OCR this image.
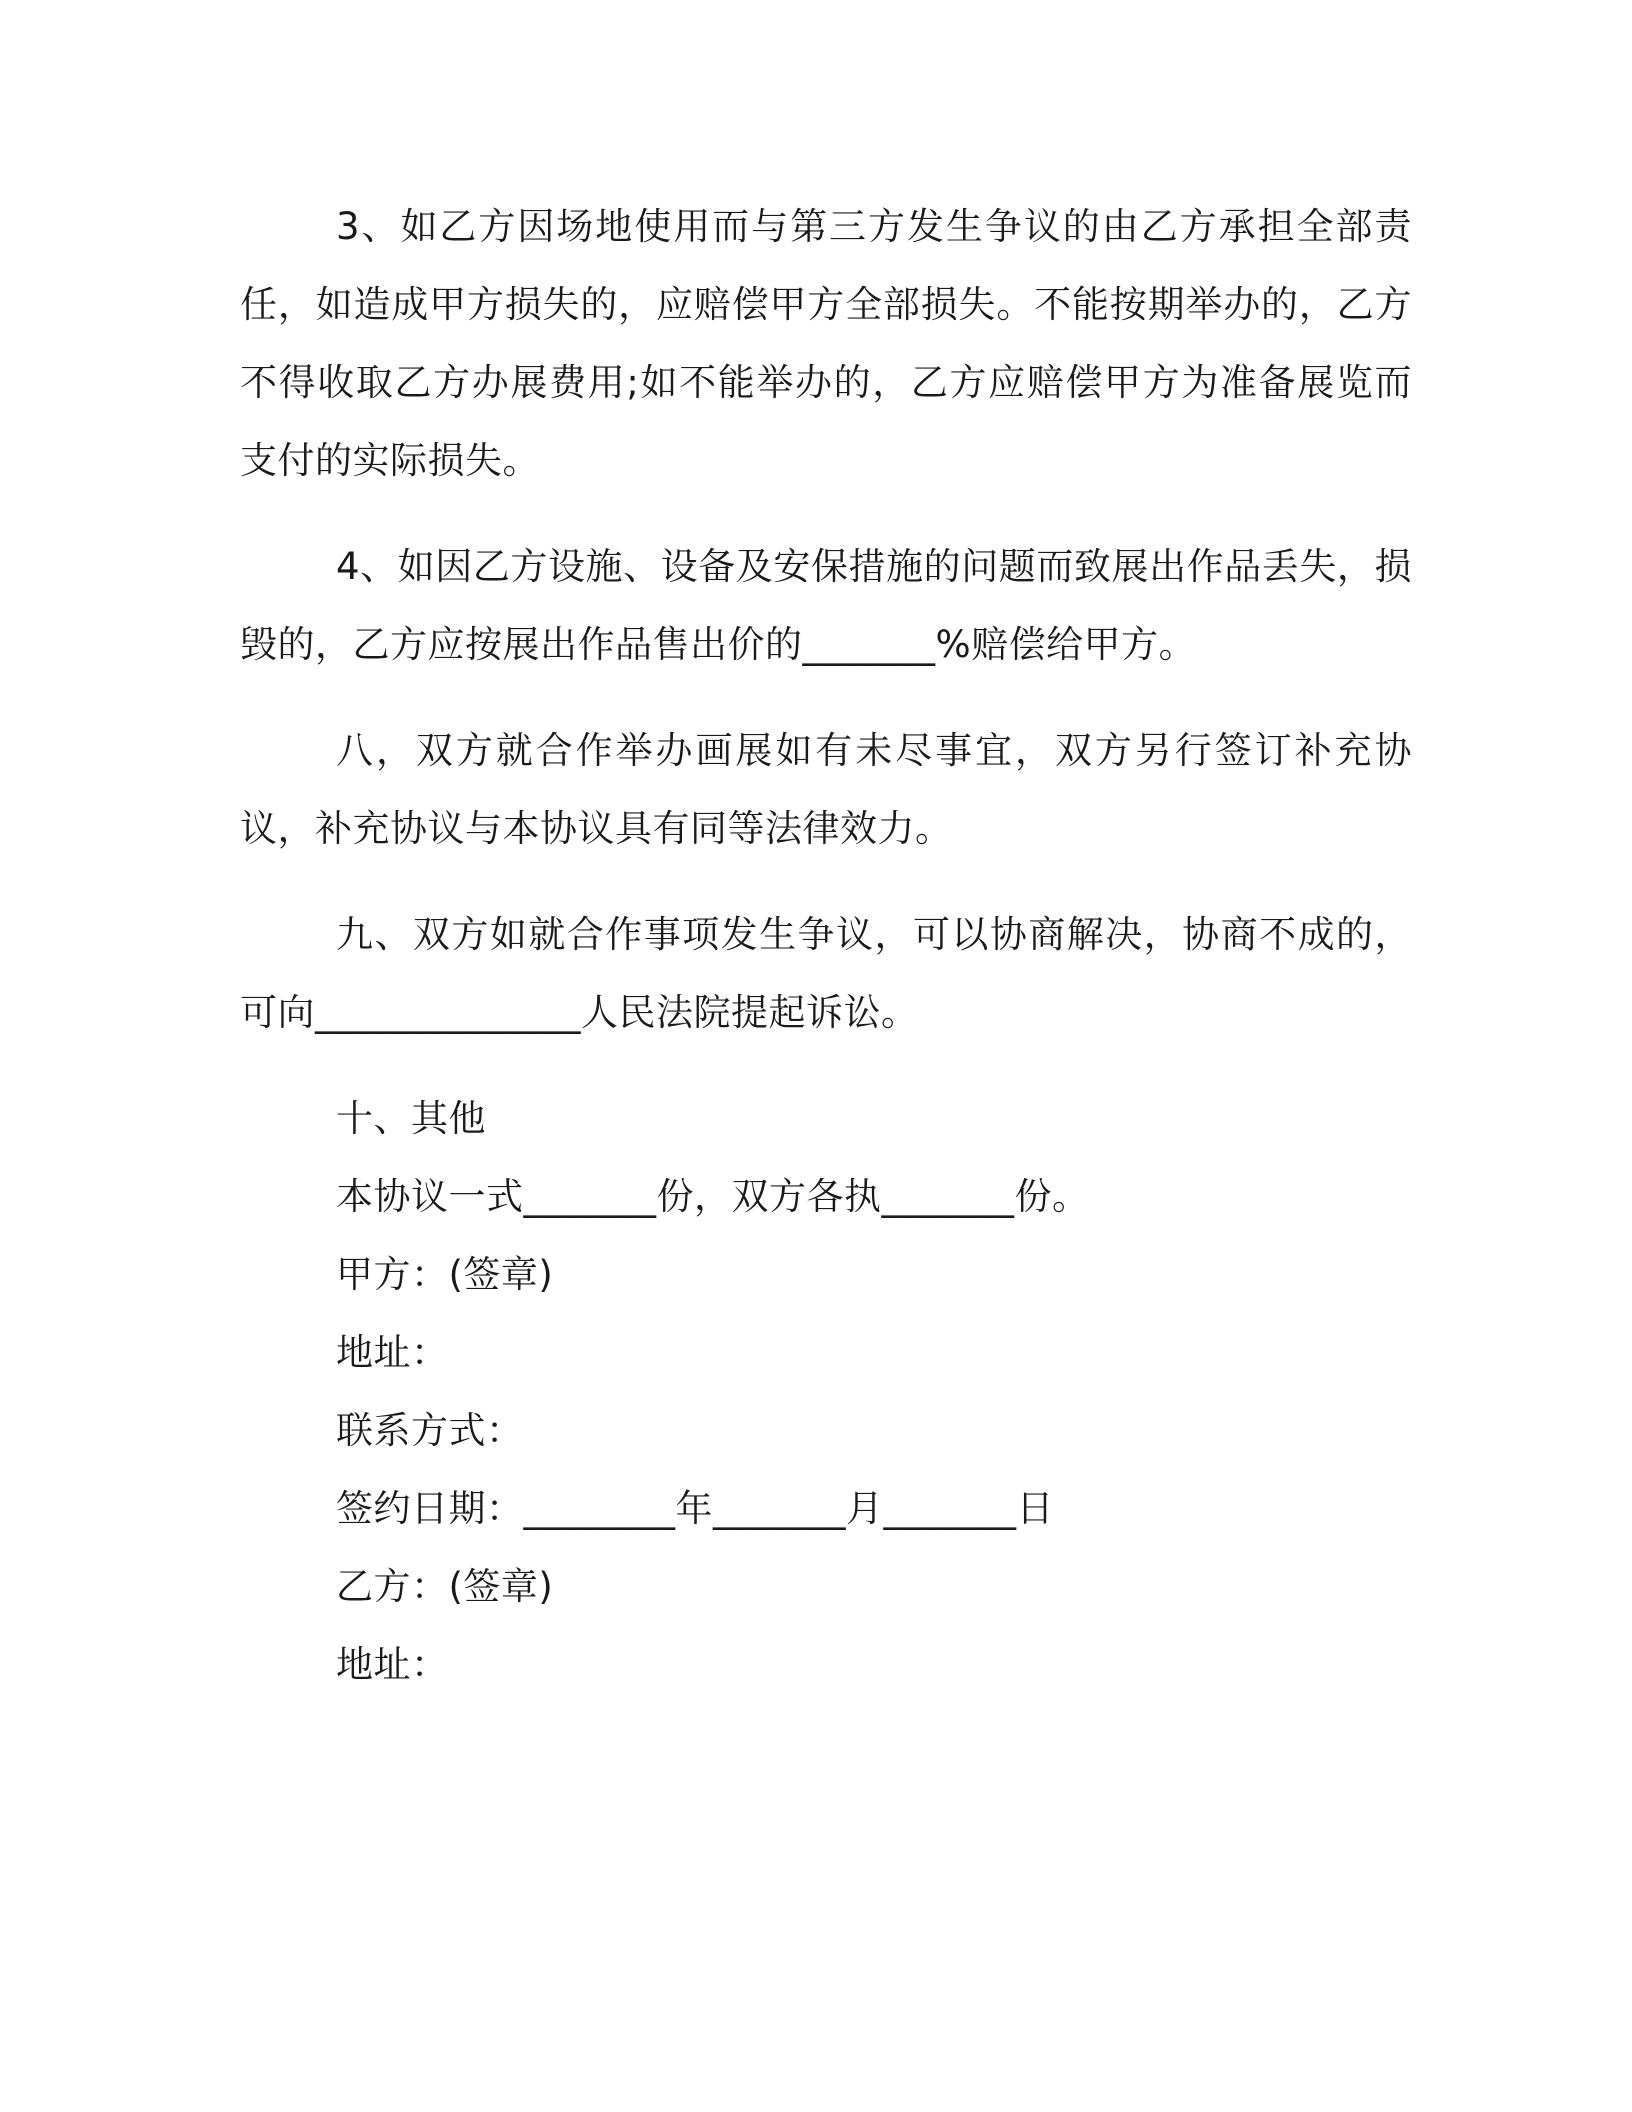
3、如乙方因场地使用而与第三方发生争议的由乙方承担全部责任，如造成甲方损失的，应赔偿甲方全部损失。不能按期举办的，乙方不得收取乙方办展费用;如不能举办的，乙方应赔偿甲方为准备展览而支付的实际损失。

4、如因乙方设施、设备及安保措施的问题而致展出作品丢失，损毁的，乙方应按展出作品售出价的_______%赔偿给甲方。

八，双方就合作举办画展如有未尽事宜，双方另行签订补充协议，补充协议与本协议具有同等法律效力。

九、双方如就合作事项发生争议，可以协商解决，协商不成的，可向______________人民法院提起诉讼。

十、其他

本协议一式_______份，双方各执_______份。

甲方：(签章)

地址：

联系方式：

签约日期：________年_______月_______日

乙方：(签章)

地址：
